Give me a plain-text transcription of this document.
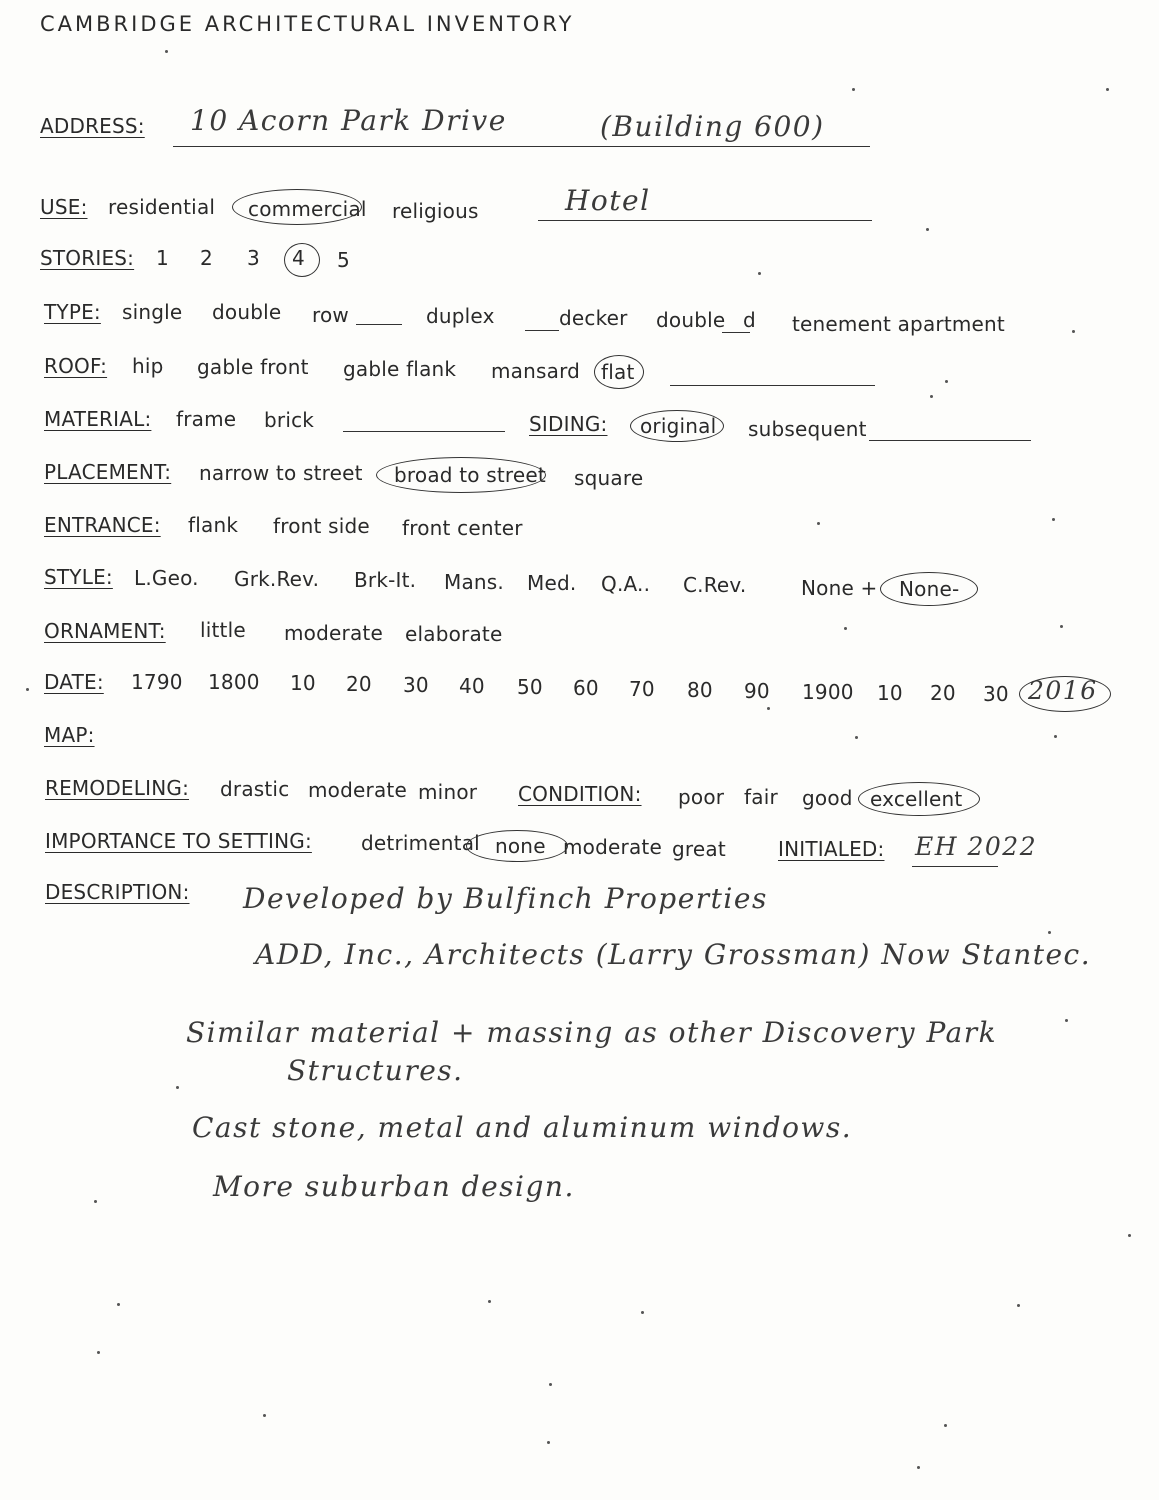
CAMBRIDGE ARCHITECTURAL INVENTORY
ADDRESS: 10 Acorn Park Drive	(Building 600)
USE: residential commercial religious	Hotel
STORIES: 1 2 3 4 5
TYPE: single double row	duplex	decker double d tenement apartment
ROOF: hip gable front gable flank mansard flat
MATERIAL: frame brick	SIDING: original subsequent
PLACEMENT: narrow to street broad to street square
ENTRANCE: flank front side front center
STYLE: L.Geo. Grk.Rev. Brk-It. Mans. Med. Q.A.. C.Rev.	None + None-
ORNAMENT: little moderate elaborate
DATE: 1790 1800 10 20 30 40 50 60 70 80 90 1900 10 20 30 2016
MAP:
REMODELING: drastic moderate minor CONDITION: poor fair good excellent
IMPORTANCE TO SETTING: detrimental none moderate great	INITIALED: EH 2022
DESCRIPTION: Developed by Bulfinch Properties
ADD, Inc., Architects (Larry Grossman) Now Stantec.
Similar material + massing as other Discovery Park
Structures.
Cast stone, metal and aluminum windows.
More suburban design.
